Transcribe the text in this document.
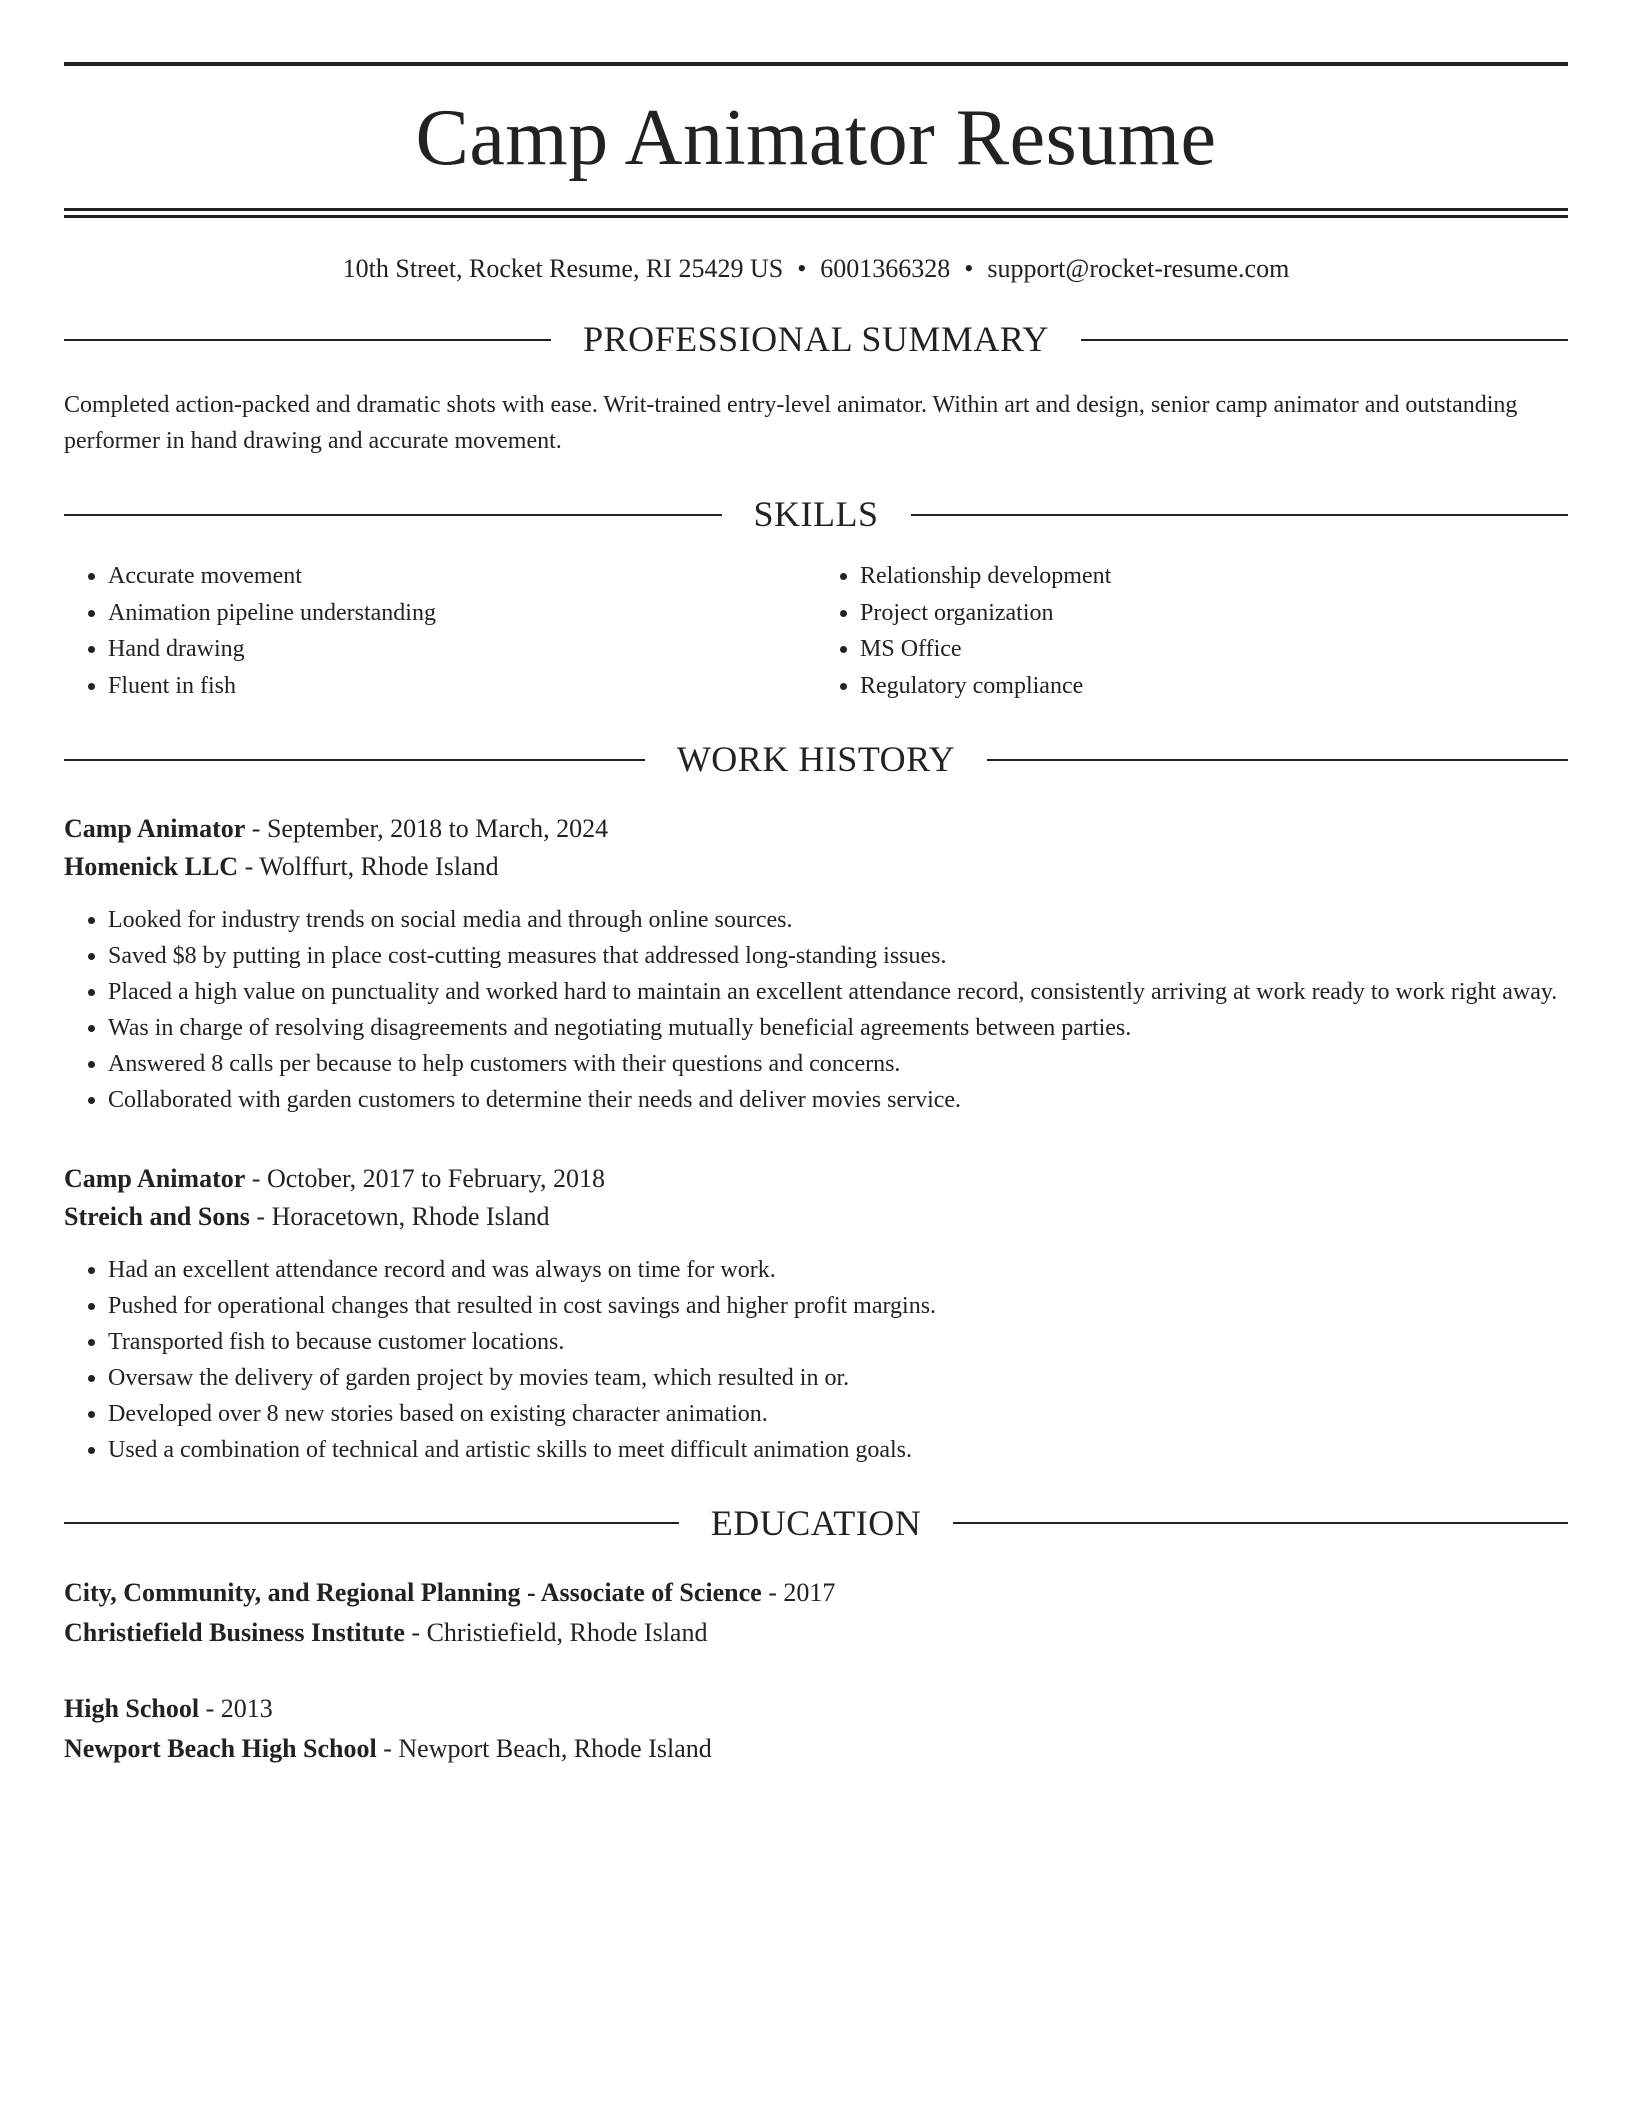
Camp Animator Resume
10th Street, Rocket Resume, RI 25429 US • 6001366328 • support@rocket-resume.com
PROFESSIONAL SUMMARY

Completed action-packed and dramatic shots with ease. Writ-trained entry-level animator. Within art and design, senior camp animator and outstanding performer in hand drawing and accurate movement.

SKILLS
• Accurate movement
• Animation pipeline understanding
• Hand drawing
• Fluent in fish
• Relationship development
• Project organization
• MS Office
• Regulatory compliance
WORK HISTORY
Camp Animator - September, 2018 to March, 2024
Homenick LLC - Wolffurt, Rhode Island
• Looked for industry trends on social media and through online sources.
• Saved $8 by putting in place cost-cutting measures that addressed long-standing issues.
• Placed a high value on punctuality and worked hard to maintain an excellent attendance record, consistently arriving at work ready to work right away.
• Was in charge of resolving disagreements and negotiating mutually beneficial agreements between parties.
• Answered 8 calls per because to help customers with their questions and concerns.
• Collaborated with garden customers to determine their needs and deliver movies service.
Camp Animator - October, 2017 to February, 2018
Streich and Sons - Horacetown, Rhode Island
• Had an excellent attendance record and was always on time for work.
• Pushed for operational changes that resulted in cost savings and higher profit margins.
• Transported fish to because customer locations.
• Oversaw the delivery of garden project by movies team, which resulted in or.
• Developed over 8 new stories based on existing character animation.
• Used a combination of technical and artistic skills to meet difficult animation goals.
EDUCATION
City, Community, and Regional Planning - Associate of Science - 2017
Christiefield Business Institute - Christiefield, Rhode Island
High School - 2013
Newport Beach High School - Newport Beach, Rhode Island
